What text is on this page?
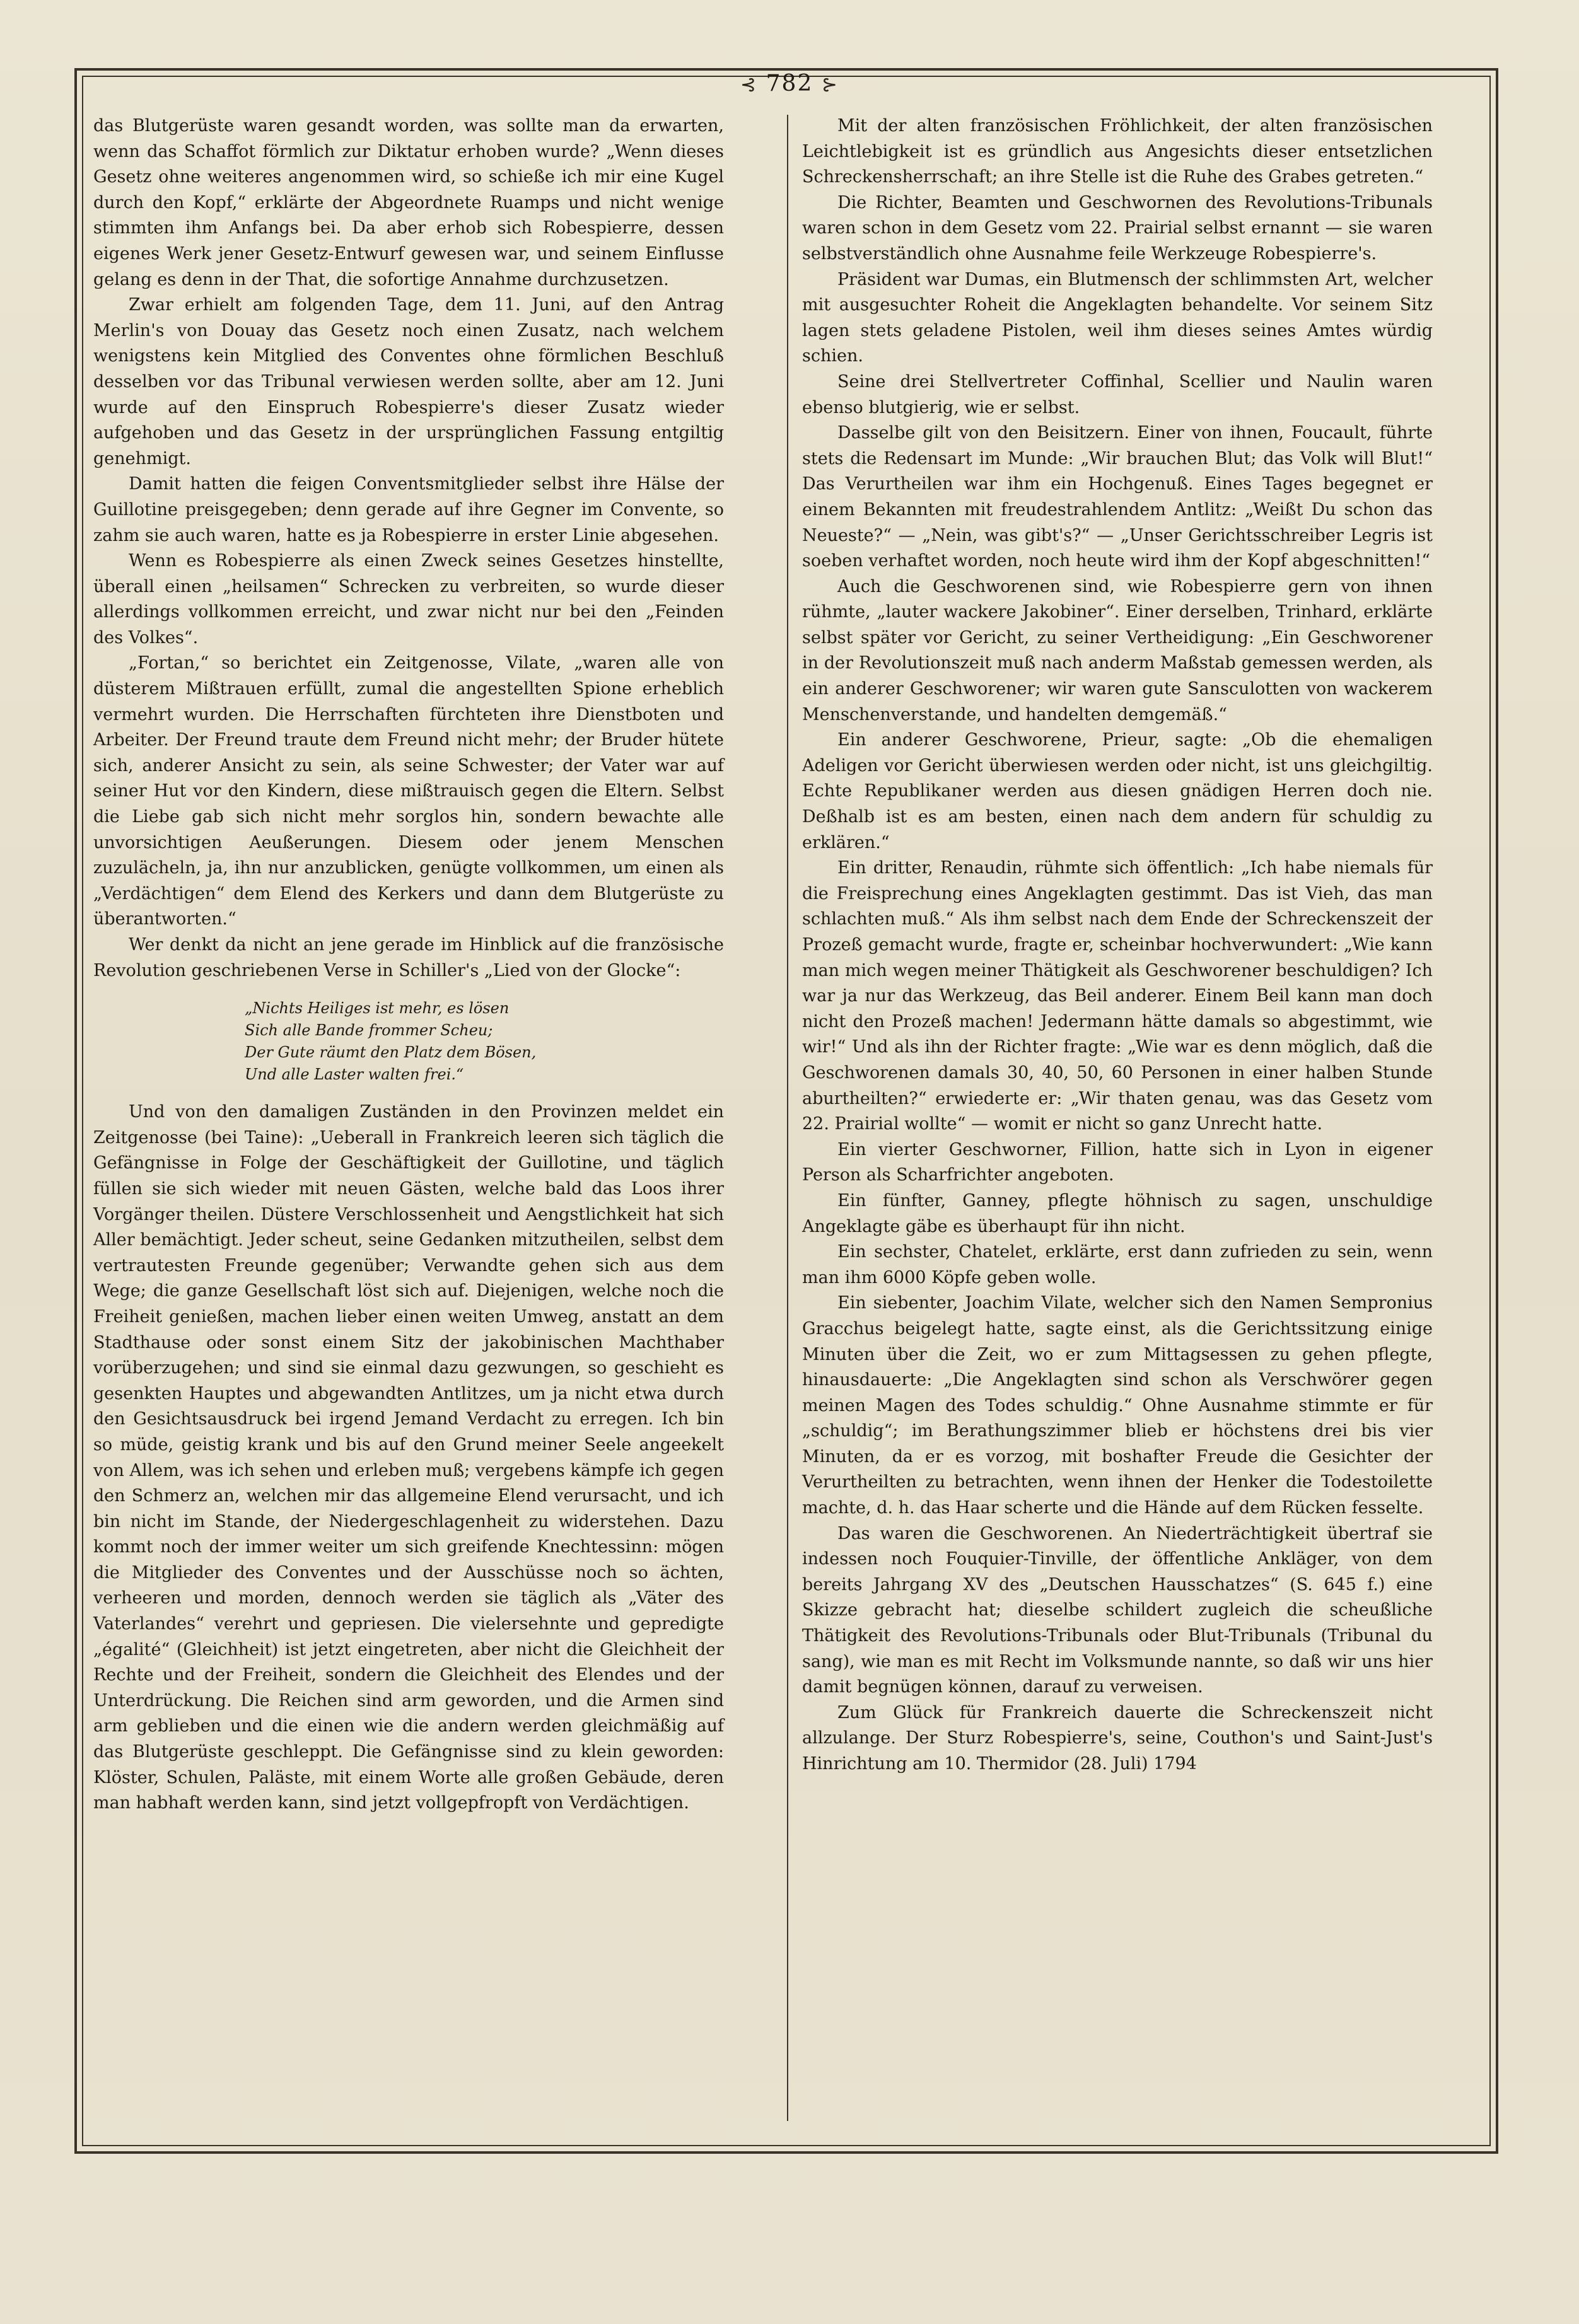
⊰ 782 ⊱

das Blutgerüste waren gesandt worden, was sollte man da erwarten, wenn das Schaffot förmlich zur Diktatur erhoben wurde? „Wenn dieses Gesetz ohne weiteres angenommen wird, so schieße ich mir eine Kugel durch den Kopf,“ erklärte der Abgeordnete Ruamps und nicht wenige stimmten ihm Anfangs bei. Da aber erhob sich Robespierre, dessen eigenes Werk jener Gesetz-Entwurf gewesen war, und seinem Einflusse gelang es denn in der That, die sofortige Annahme durchzusetzen.

Zwar erhielt am folgenden Tage, dem 11. Juni, auf den Antrag Merlin's von Douay das Gesetz noch einen Zusatz, nach welchem wenigstens kein Mitglied des Conventes ohne förmlichen Beschluß desselben vor das Tribunal verwiesen werden sollte, aber am 12. Juni wurde auf den Einspruch Robespierre's dieser Zusatz wieder aufgehoben und das Gesetz in der ursprünglichen Fassung entgiltig genehmigt.

Damit hatten die feigen Conventsmitglieder selbst ihre Hälse der Guillotine preisgegeben; denn gerade auf ihre Gegner im Convente, so zahm sie auch waren, hatte es ja Robespierre in erster Linie abgesehen.

Wenn es Robespierre als einen Zweck seines Gesetzes hinstellte, überall einen „heilsamen“ Schrecken zu verbreiten, so wurde dieser allerdings vollkommen erreicht, und zwar nicht nur bei den „Feinden des Volkes“.

„Fortan,“ so berichtet ein Zeitgenosse, Vilate, „waren alle von düsterem Mißtrauen erfüllt, zumal die angestellten Spione erheblich vermehrt wurden. Die Herrschaften fürchteten ihre Dienstboten und Arbeiter. Der Freund traute dem Freund nicht mehr; der Bruder hütete sich, anderer Ansicht zu sein, als seine Schwester; der Vater war auf seiner Hut vor den Kindern, diese mißtrauisch gegen die Eltern. Selbst die Liebe gab sich nicht mehr sorglos hin, sondern bewachte alle unvorsichtigen Aeußerungen. Diesem oder jenem Menschen zuzulächeln, ja, ihn nur anzublicken, genügte vollkommen, um einen als „Verdächtigen“ dem Elend des Kerkers und dann dem Blutgerüste zu überantworten.“

Wer denkt da nicht an jene gerade im Hinblick auf die französische Revolution geschriebenen Verse in Schiller's „Lied von der Glocke“:

„Nichts Heiliges ist mehr, es lösen
Sich alle Bande frommer Scheu;
Der Gute räumt den Platz dem Bösen,
Und alle Laster walten frei.“

Und von den damaligen Zuständen in den Provinzen meldet ein Zeitgenosse (bei Taine): „Ueberall in Frankreich leeren sich täglich die Gefängnisse in Folge der Geschäftigkeit der Guillotine, und täglich füllen sie sich wieder mit neuen Gästen, welche bald das Loos ihrer Vorgänger theilen. Düstere Verschlossenheit und Aengstlichkeit hat sich Aller bemächtigt. Jeder scheut, seine Gedanken mitzutheilen, selbst dem vertrautesten Freunde gegenüber; Verwandte gehen sich aus dem Wege; die ganze Gesellschaft löst sich auf. Diejenigen, welche noch die Freiheit genießen, machen lieber einen weiten Umweg, anstatt an dem Stadthause oder sonst einem Sitz der jakobinischen Machthaber vorüberzugehen; und sind sie einmal dazu gezwungen, so geschieht es gesenkten Hauptes und abgewandten Antlitzes, um ja nicht etwa durch den Gesichtsausdruck bei irgend Jemand Verdacht zu erregen. Ich bin so müde, geistig krank und bis auf den Grund meiner Seele angeekelt von Allem, was ich sehen und erleben muß; vergebens kämpfe ich gegen den Schmerz an, welchen mir das allgemeine Elend verursacht, und ich bin nicht im Stande, der Niedergeschlagenheit zu widerstehen. Dazu kommt noch der immer weiter um sich greifende Knechtessinn: mögen die Mitglieder des Conventes und der Ausschüsse noch so ächten, verheeren und morden, dennoch werden sie täglich als „Väter des Vaterlandes“ verehrt und gepriesen. Die vielersehnte und gepredigte „égalité“ (Gleichheit) ist jetzt eingetreten, aber nicht die Gleichheit der Rechte und der Freiheit, sondern die Gleichheit des Elendes und der Unterdrückung. Die Reichen sind arm geworden, und die Armen sind arm geblieben und die einen wie die andern werden gleichmäßig auf das Blutgerüste geschleppt. Die Gefängnisse sind zu klein geworden: Klöster, Schulen, Paläste, mit einem Worte alle großen Gebäude, deren man habhaft werden kann, sind jetzt vollgepfropft von Verdächtigen.

Mit der alten französischen Fröhlichkeit, der alten französischen Leichtlebigkeit ist es gründlich aus Angesichts dieser entsetzlichen Schreckensherrschaft; an ihre Stelle ist die Ruhe des Grabes getreten.“

Die Richter, Beamten und Geschwornen des Revolutions-Tribunals waren schon in dem Gesetz vom 22. Prairial selbst ernannt — sie waren selbstverständlich ohne Ausnahme feile Werkzeuge Robespierre's.

Präsident war Dumas, ein Blutmensch der schlimmsten Art, welcher mit ausgesuchter Roheit die Angeklagten behandelte. Vor seinem Sitz lagen stets geladene Pistolen, weil ihm dieses seines Amtes würdig schien.

Seine drei Stellvertreter Coffinhal, Scellier und Naulin waren ebenso blutgierig, wie er selbst.

Dasselbe gilt von den Beisitzern. Einer von ihnen, Foucault, führte stets die Redensart im Munde: „Wir brauchen Blut; das Volk will Blut!“ Das Verurtheilen war ihm ein Hochgenuß. Eines Tages begegnet er einem Bekannten mit freudestrahlendem Antlitz: „Weißt Du schon das Neueste?“ — „Nein, was gibt's?“ — „Unser Gerichtsschreiber Legris ist soeben verhaftet worden, noch heute wird ihm der Kopf abgeschnitten!“

Auch die Geschworenen sind, wie Robespierre gern von ihnen rühmte, „lauter wackere Jakobiner“. Einer derselben, Trinhard, erklärte selbst später vor Gericht, zu seiner Vertheidigung: „Ein Geschworener in der Revolutionszeit muß nach anderm Maßstab gemessen werden, als ein anderer Geschworener; wir waren gute Sansculotten von wackerem Menschenverstande, und handelten demgemäß.“

Ein anderer Geschworene, Prieur, sagte: „Ob die ehemaligen Adeligen vor Gericht überwiesen werden oder nicht, ist uns gleichgiltig. Echte Republikaner werden aus diesen gnädigen Herren doch nie. Deßhalb ist es am besten, einen nach dem andern für schuldig zu erklären.“

Ein dritter, Renaudin, rühmte sich öffentlich: „Ich habe niemals für die Freisprechung eines Angeklagten gestimmt. Das ist Vieh, das man schlachten muß.“ Als ihm selbst nach dem Ende der Schreckenszeit der Prozeß gemacht wurde, fragte er, scheinbar hochverwundert: „Wie kann man mich wegen meiner Thätigkeit als Geschworener beschuldigen? Ich war ja nur das Werkzeug, das Beil anderer. Einem Beil kann man doch nicht den Prozeß machen! Jedermann hätte damals so abgestimmt, wie wir!“ Und als ihn der Richter fragte: „Wie war es denn möglich, daß die Geschworenen damals 30, 40, 50, 60 Personen in einer halben Stunde aburtheilten?“ erwiederte er: „Wir thaten genau, was das Gesetz vom 22. Prairial wollte“ — womit er nicht so ganz Unrecht hatte.

Ein vierter Geschworner, Fillion, hatte sich in Lyon in eigener Person als Scharfrichter angeboten.

Ein fünfter, Ganney, pflegte höhnisch zu sagen, unschuldige Angeklagte gäbe es überhaupt für ihn nicht.

Ein sechster, Chatelet, erklärte, erst dann zufrieden zu sein, wenn man ihm 6000 Köpfe geben wolle.

Ein siebenter, Joachim Vilate, welcher sich den Namen Sempronius Gracchus beigelegt hatte, sagte einst, als die Gerichtssitzung einige Minuten über die Zeit, wo er zum Mittagsessen zu gehen pflegte, hinausdauerte: „Die Angeklagten sind schon als Verschwörer gegen meinen Magen des Todes schuldig.“ Ohne Ausnahme stimmte er für „schuldig“; im Berathungszimmer blieb er höchstens drei bis vier Minuten, da er es vorzog, mit boshafter Freude die Gesichter der Verurtheilten zu betrachten, wenn ihnen der Henker die Todestoilette machte, d. h. das Haar scherte und die Hände auf dem Rücken fesselte.

Das waren die Geschworenen. An Niederträchtigkeit übertraf sie indessen noch Fouquier-Tinville, der öffentliche Ankläger, von dem bereits Jahrgang XV des „Deutschen Hausschatzes“ (S. 645 f.) eine Skizze gebracht hat; dieselbe schildert zugleich die scheußliche Thätigkeit des Revolutions-Tribunals oder Blut-Tribunals (Tribunal du sang), wie man es mit Recht im Volksmunde nannte, so daß wir uns hier damit begnügen können, darauf zu verweisen.

Zum Glück für Frankreich dauerte die Schreckenszeit nicht allzulange. Der Sturz Robespierre's, seine, Couthon's und Saint-Just's Hinrichtung am 10. Thermidor (28. Juli) 1794
